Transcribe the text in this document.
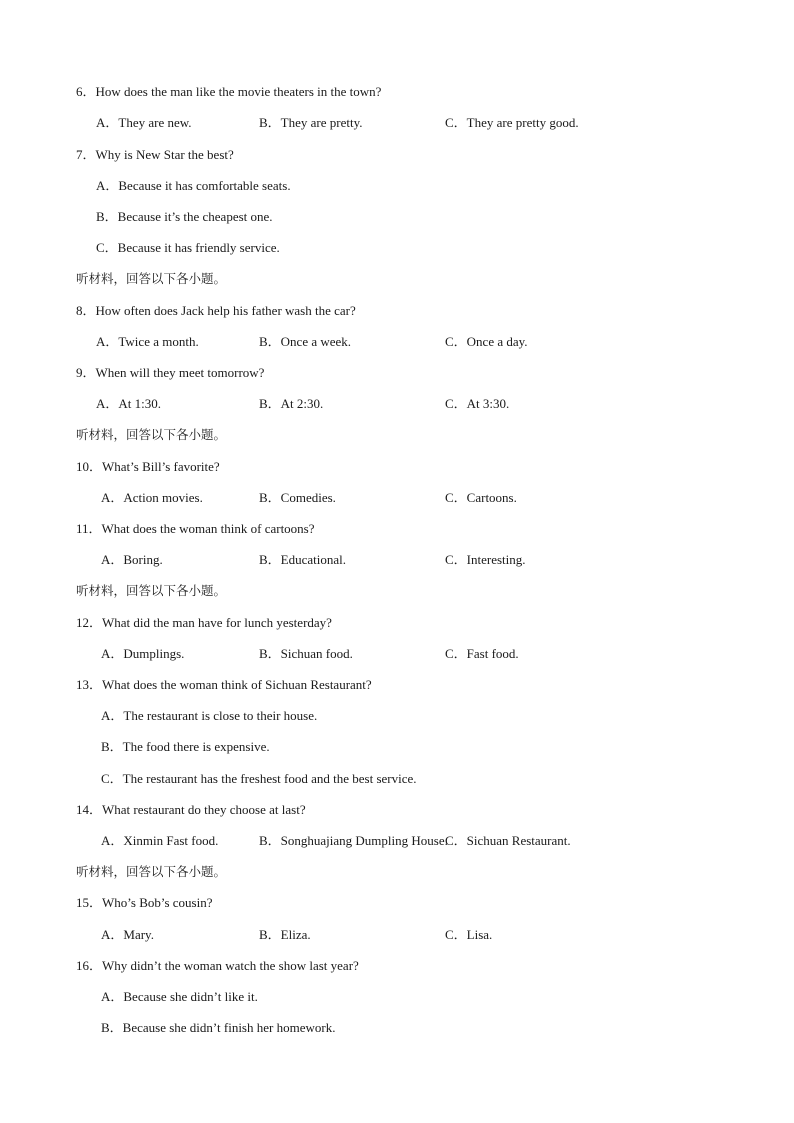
6．How does the man like the movie theaters in the town?
A．They are new.	B．They are pretty.	C．They are pretty good.
7．Why is New Star the best?
A．Because it has comfortable seats.
B．Because it’s the cheapest one.
C．Because it has friendly service.
听材料，回答以下各小题。
8．How often does Jack help his father wash the car?
A．Twice a month.	B．Once a week.	C．Once a day.
9．When will they meet tomorrow?
A．At 1:30.	B．At 2:30.	C．At 3:30.
听材料，回答以下各小题。
10．What’s Bill’s favorite?
A．Action movies.	B．Comedies.	C．Cartoons.
11．What does the woman think of cartoons?
A．Boring.	B．Educational.	C．Interesting.
听材料，回答以下各小题。
12．What did the man have for lunch yesterday?
A．Dumplings.	B．Sichuan food.	C．Fast food.
13．What does the woman think of Sichuan Restaurant?
A．The restaurant is close to their house.
B．The food there is expensive.
C．The restaurant has the freshest food and the best service.
14．What restaurant do they choose at last?
A．Xinmin Fast food.	B．Songhuajiang Dumpling House.
C．Sichuan Restaurant.
听材料，回答以下各小题。
15．Who’s Bob’s cousin?
A．Mary.	B．Eliza.	C．Lisa.
16．Why didn’t the woman watch the show last year?
A．Because she didn’t like it.
B．Because she didn’t finish her homework.
